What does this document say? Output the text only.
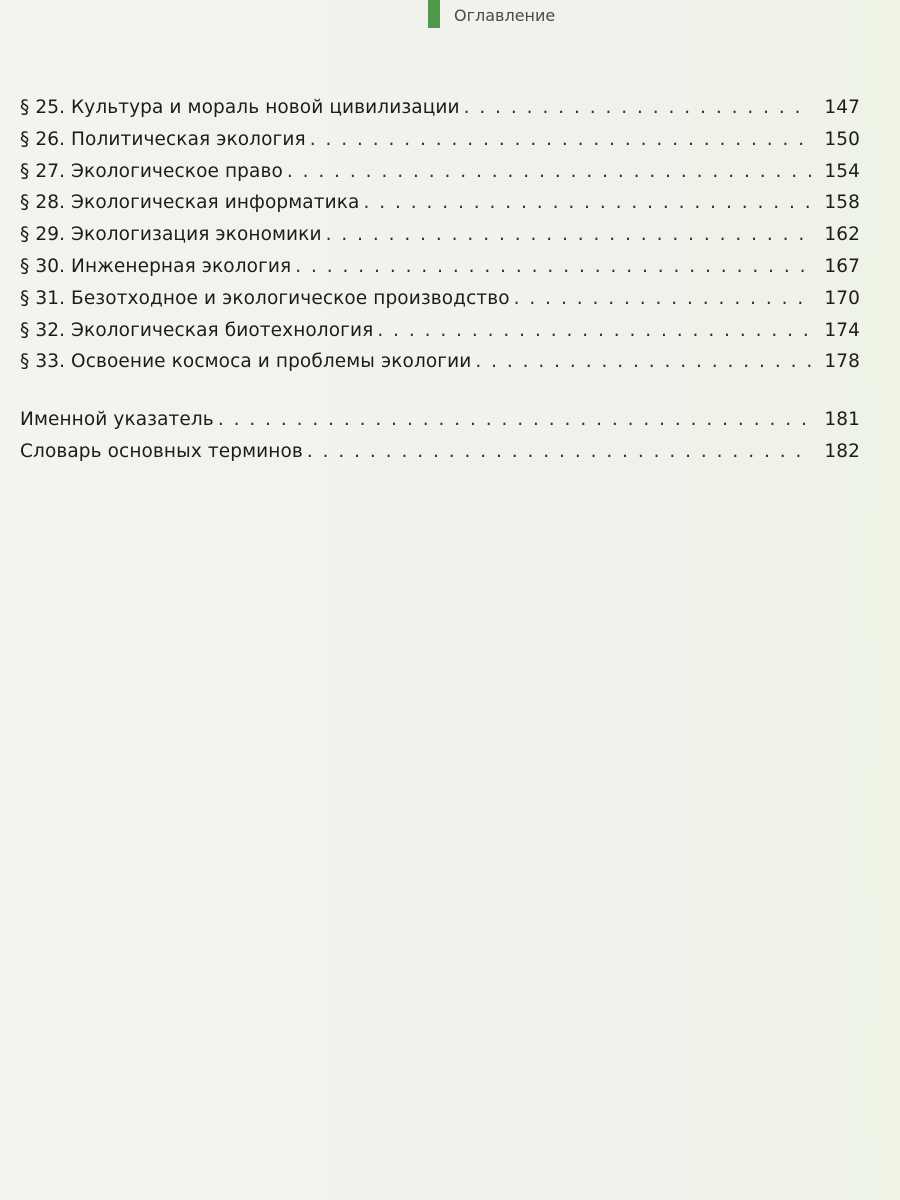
Оглавление
§ 25. Культура и мораль новой цивилизации . . .	147
§ 26. Политическая экология . . .	150
§ 27. Экологическое право . . .	154
§ 28. Экологическая информатика . . .	158
§ 29. Экологизация экономики . . .	162
§ 30. Инженерная экология . . .	167
§ 31. Безотходное и экологическое производство . . .	170
§ 32. Экологическая биотехнология . . .	174
§ 33. Освоение космоса и проблемы экологии . . .	178
Именной указатель . . .	181
Словарь основных терминов . . .	182
